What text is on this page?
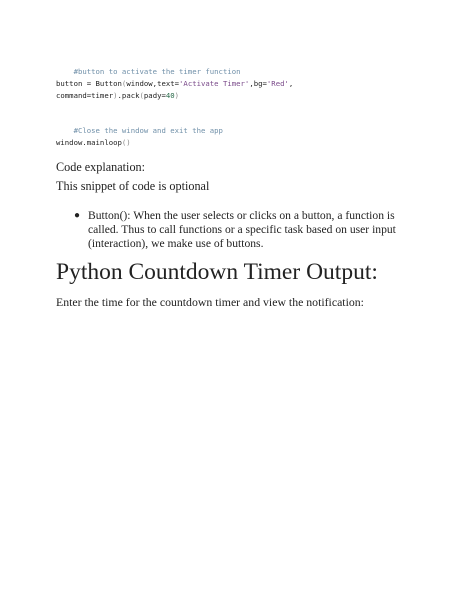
#button to activate the timer function

button = Button(window,text='Activate Timer',bg='Red',
command=timer).pack(pady=40)

#Close the window and exit the app

window.mainloop()
Code explanation:
This snippet of code is optional
● Button(): When the user selects or clicks on a button, a function is called. Thus to call functions or a specific task based on user input (interaction), we make use of buttons.
Python Countdown Timer Output:
Enter the time for the countdown timer and view the notification:
